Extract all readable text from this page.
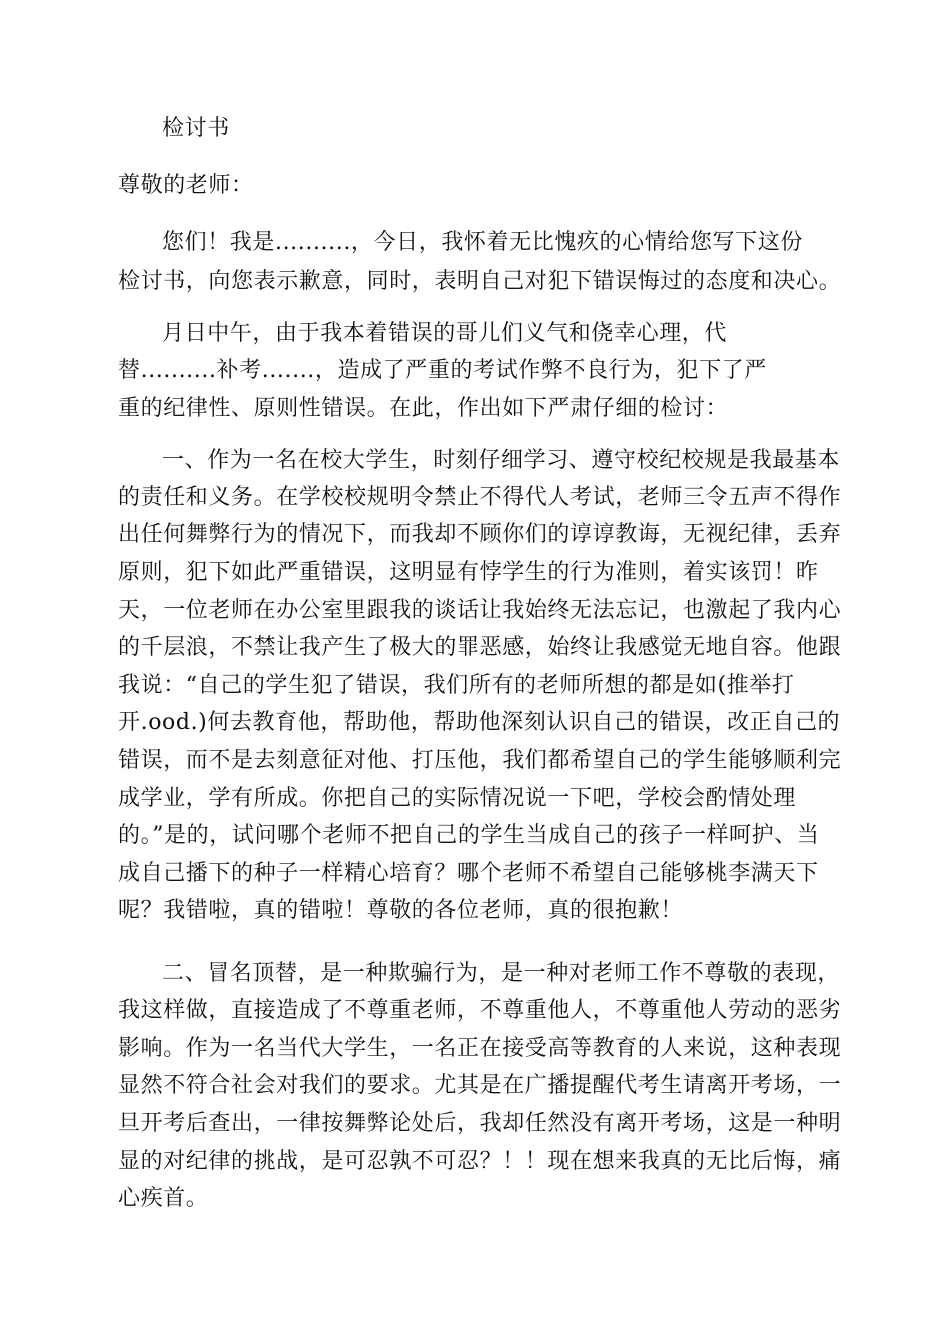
检讨书
尊敬的老师：
您们！我是..........，今日，我怀着无比愧疚的心情给您写下这份
检讨书，向您表示歉意，同时，表明自己对犯下错误悔过的态度和决心。
月日中午，由于我本着错误的哥儿们义气和侥幸心理，代
替..........补考.......，造成了严重的考试作弊不良行为，犯下了严
重的纪律性、原则性错误。在此，作出如下严肃仔细的检讨：
一、作为一名在校大学生，时刻仔细学习、遵守校纪校规是我最基本
的责任和义务。在学校校规明令禁止不得代人考试，老师三令五声不得作
出任何舞弊行为的情况下，而我却不顾你们的谆谆教诲，无视纪律，丢弃
原则，犯下如此严重错误，这明显有悖学生的行为准则，着实该罚！昨
天，一位老师在办公室里跟我的谈话让我始终无法忘记，也激起了我内心
的千层浪，不禁让我产生了极大的罪恶感，始终让我感觉无地自容。他跟
我说：“自己的学生犯了错误，我们所有的老师所想的都是如(推举打
开.ood.)何去教育他，帮助他，帮助他深刻认识自己的错误，改正自己的
错误，而不是去刻意征对他、打压他，我们都希望自己的学生能够顺利完
成学业，学有所成。你把自己的实际情况说一下吧，学校会酌情处理
的。”是的，试问哪个老师不把自己的学生当成自己的孩子一样呵护、当
成自己播下的种子一样精心培育？哪个老师不希望自己能够桃李满天下
呢？我错啦，真的错啦！尊敬的各位老师，真的很抱歉！
二、冒名顶替，是一种欺骗行为，是一种对老师工作不尊敬的表现，
我这样做，直接造成了不尊重老师，不尊重他人，不尊重他人劳动的恶劣
影响。作为一名当代大学生，一名正在接受高等教育的人来说，这种表现
显然不符合社会对我们的要求。尤其是在广播提醒代考生请离开考场，一
旦开考后查出，一律按舞弊论处后，我却任然没有离开考场，这是一种明
显的对纪律的挑战，是可忍孰不可忍？！！现在想来我真的无比后悔，痛
心疾首。
